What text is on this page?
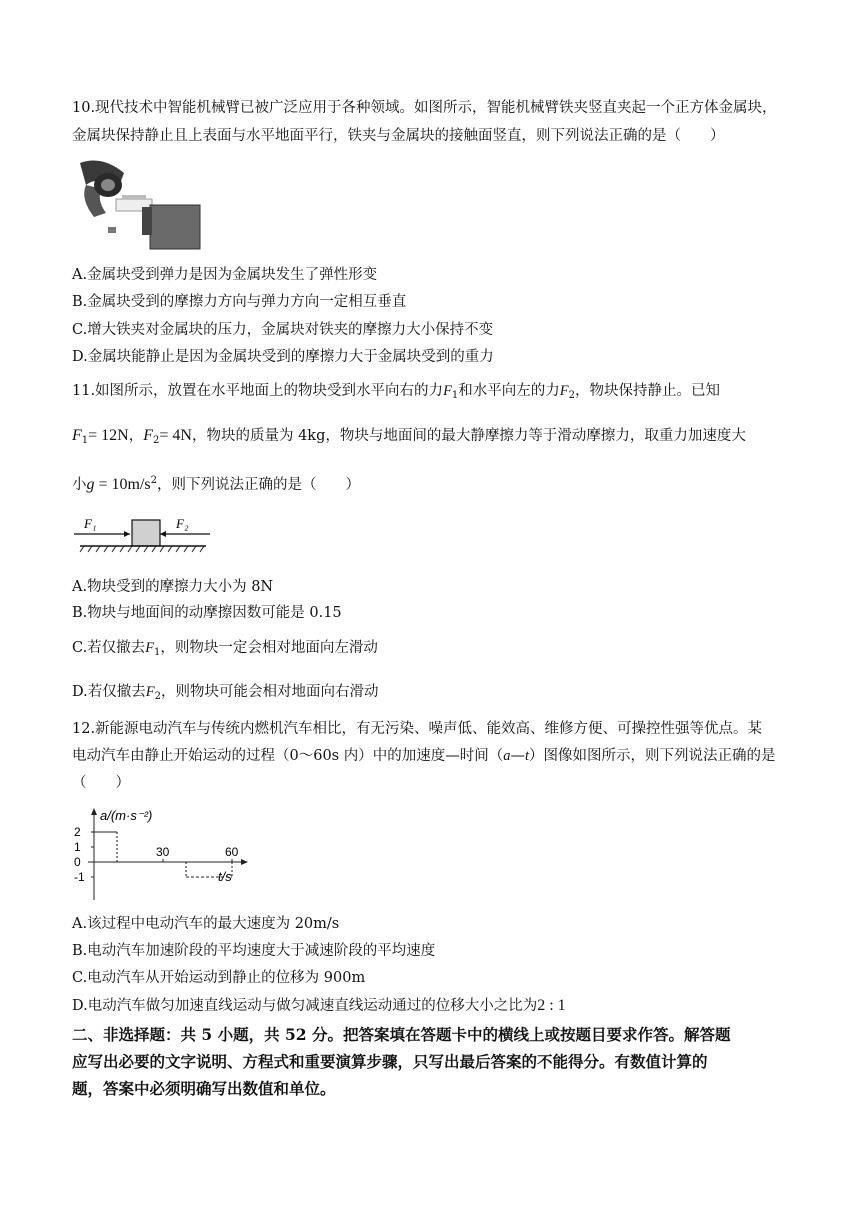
10.现代技术中智能机械臂已被广泛应用于各种领域。如图所示，智能机械臂铁夹竖直夹起一个正方体金属块，
金属块保持静止且上表面与水平地面平行，铁夹与金属块的接触面竖直，则下列说法正确的是（　　）
A.金属块受到弹力是因为金属块发生了弹性形变
B.金属块受到的摩擦力方向与弹力方向一定相互垂直
C.增大铁夹对金属块的压力，金属块对铁夹的摩擦力大小保持不变
D.金属块能静止是因为金属块受到的摩擦力大于金属块受到的重力
11.如图所示，放置在水平地面上的物块受到水平向右的力$F_1$和水平向左的力$F_2$，物块保持静止。已知
$F_1= 12N$，$F_2= 4N$，物块的质量为 4kg，物块与地面间的最大静摩擦力等于滑动摩擦力，取重力加速度大
小$g = 10m/s^2$，则下列说法正确的是（　　）
F₁	F₂
A.物块受到的摩擦力大小为 8N
B.物块与地面间的动摩擦因数可能是 0.15
C.若仅撤去$F_1$，则物块一定会相对地面向左滑动
D.若仅撤去$F_2$，则物块可能会相对地面向右滑动
12.新能源电动汽车与传统内燃机汽车相比，有无污染、噪声低、能效高、维修方便、可操控性强等优点。某
电动汽车由静止开始运动的过程（0～60s 内）中的加速度—时间（a—t）图像如图所示，则下列说法正确的是
（　　）
a/(m·s⁻²)
t/s
2
1
0
-1
30	60
A.该过程中电动汽车的最大速度为 20m/s
B.电动汽车加速阶段的平均速度大于减速阶段的平均速度
C.电动汽车从开始运动到静止的位移为 900m
D.电动汽车做匀加速直线运动与做匀减速直线运动通过的位移大小之比为2 : 1
二、非选择题：共 5 小题，共 52 分。把答案填在答题卡中的横线上或按题目要求作答。解答题
应写出必要的文字说明、方程式和重要演算步骤，只写出最后答案的不能得分。有数值计算的
题，答案中必须明确写出数值和单位。
